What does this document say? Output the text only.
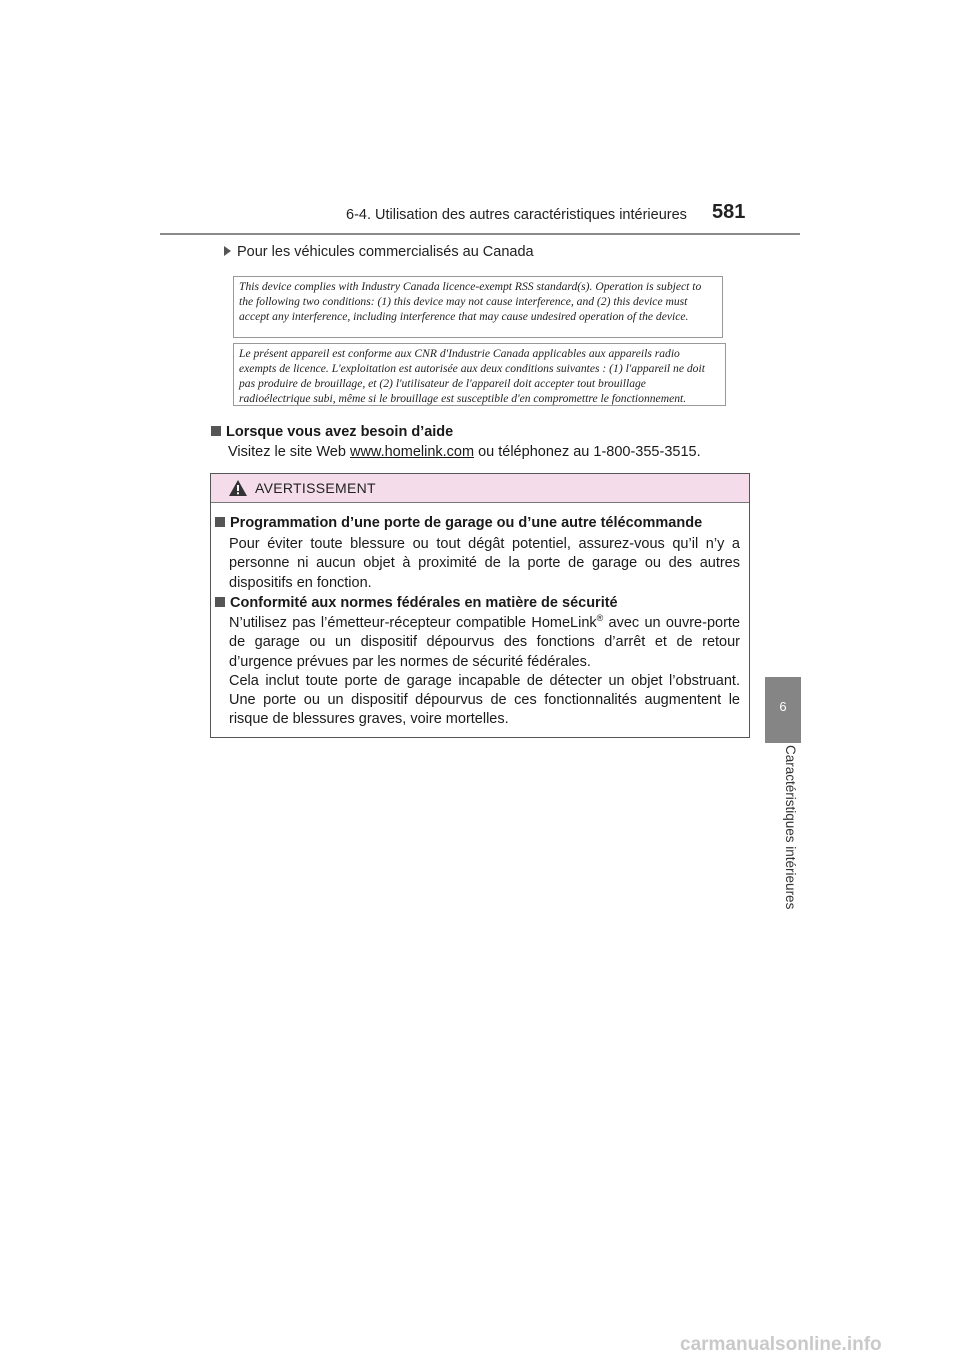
6-4. Utilisation des autres caractéristiques intérieures 581
6
Caractéristiques intérieures
Pour les véhicules commercialisés au Canada
This device complies with Industry Canada licence-exempt RSS standard(s). Operation is subject to the following two conditions: (1) this device may not cause interference, and (2) this device must accept any interference, including interference that may cause undesired operation of the device.
Le présent appareil est conforme aux CNR d'Industrie Canada applicables aux appareils radio exempts de licence. L'exploitation est autorisée aux deux conditions suivantes : (1) l'appareil ne doit pas produire de brouillage, et (2) l'utilisateur de l'appareil doit accepter tout brouillage radioélectrique subi, même si le brouillage est susceptible d'en compromettre le fonctionnement.
Lorsque vous avez besoin d’aide
Visitez le site Web www.homelink.com ou téléphonez au 1-800-355-3515.
AVERTISSEMENT
Programmation d’une porte de garage ou d’une autre télécommande

Pour éviter toute blessure ou tout dégât potentiel, assurez-vous qu’il n’y a personne ni aucun objet à proximité de la porte de garage ou des autres dispositifs en fonction.

Conformité aux normes fédérales en matière de sécurité

N’utilisez pas l’émetteur-récepteur compatible HomeLink® avec un ouvre-porte de garage ou un dispositif dépourvus des fonctions d’arrêt et de retour d’urgence prévues par les normes de sécurité fédérales.

Cela inclut toute porte de garage incapable de détecter un objet l’obstruant. Une porte ou un dispositif dépourvus de ces fonctionnalités augmentent le risque de blessures graves, voire mortelles.

carmanualsonline.info
